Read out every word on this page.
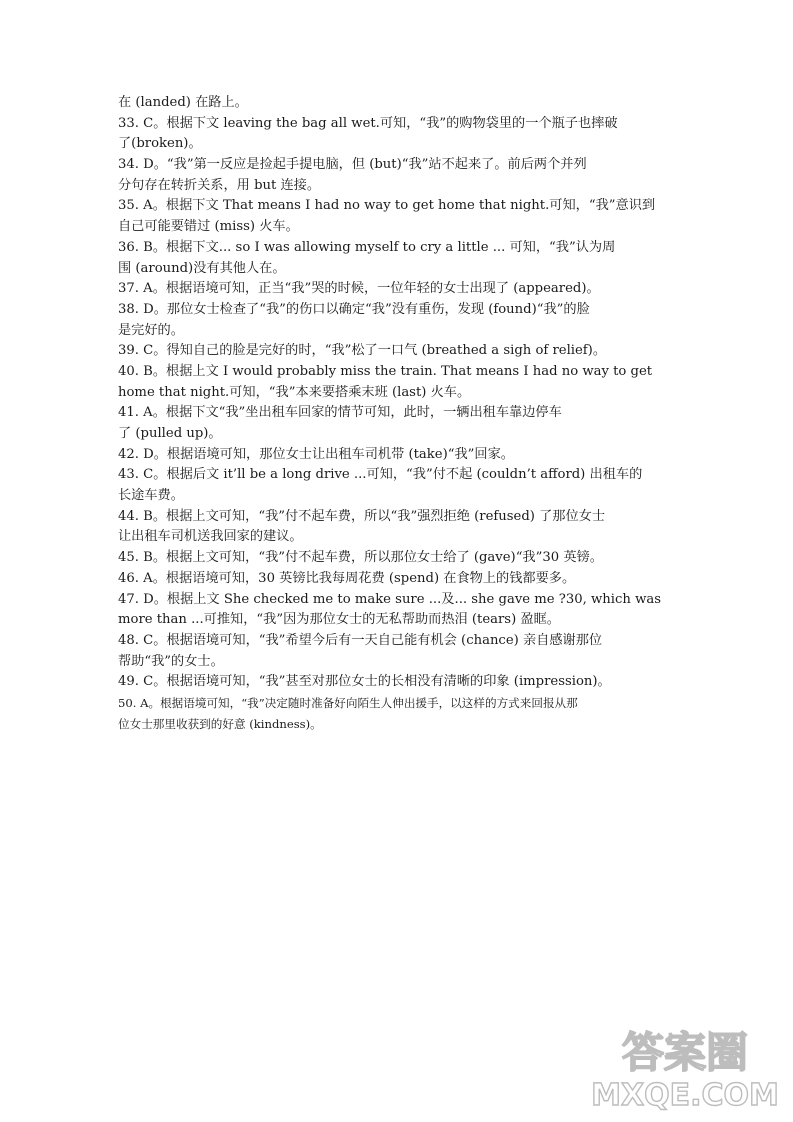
在 (landed) 在路上。
33. C。根据下文 leaving the bag all wet.可知，“我”的购物袋里的一个瓶子也摔破
了(broken)。
34. D。“我”第一反应是捡起手提电脑，但 (but)“我”站不起来了。前后两个并列
分句存在转折关系，用 but 连接。
35. A。根据下文 That means I had no way to get home that night.可知，“我”意识到
自己可能要错过 (miss) 火车。
36. B。根据下文... so I was allowing myself to cry a little ... 可知，“我”认为周
围 (around)没有其他人在。
37. A。根据语境可知，正当“我”哭的时候，一位年轻的女士出现了 (appeared)。
38. D。那位女士检查了“我”的伤口以确定“我”没有重伤，发现 (found)“我”的脸
是完好的。
39. C。得知自己的脸是完好的时，“我”松了一口气 (breathed a sigh of relief)。
40. B。根据上文 I would probably miss the train. That means I had no way to get
home that night.可知，“我”本来要搭乘末班 (last) 火车。
41. A。根据下文“我”坐出租车回家的情节可知，此时，一辆出租车靠边停车
了 (pulled up)。
42. D。根据语境可知，那位女士让出租车司机带 (take)“我”回家。
43. C。根据后文 it’ll be a long drive ...可知，“我”付不起 (couldn’t afford) 出租车的
长途车费。
44. B。根据上文可知，“我”付不起车费，所以“我”强烈拒绝 (refused) 了那位女士
让出租车司机送我回家的建议。
45. B。根据上文可知，“我”付不起车费，所以那位女士给了 (gave)“我”30 英镑。
46. A。根据语境可知，30 英镑比我每周花费 (spend) 在食物上的钱都要多。
47. D。根据上文 She checked me to make sure ...及... she gave me ?30, which was
more than ...可推知，“我”因为那位女士的无私帮助而热泪 (tears) 盈眶。
48. C。根据语境可知，“我”希望今后有一天自己能有机会 (chance) 亲自感谢那位
帮助“我”的女士。
49. C。根据语境可知，“我”甚至对那位女士的长相没有清晰的印象 (impression)。
50. A。根据语境可知，“我”决定随时准备好向陌生人伸出援手，以这样的方式来回报从那
位女士那里收获到的好意 (kindness)。
答案圈
MXQE.COM
